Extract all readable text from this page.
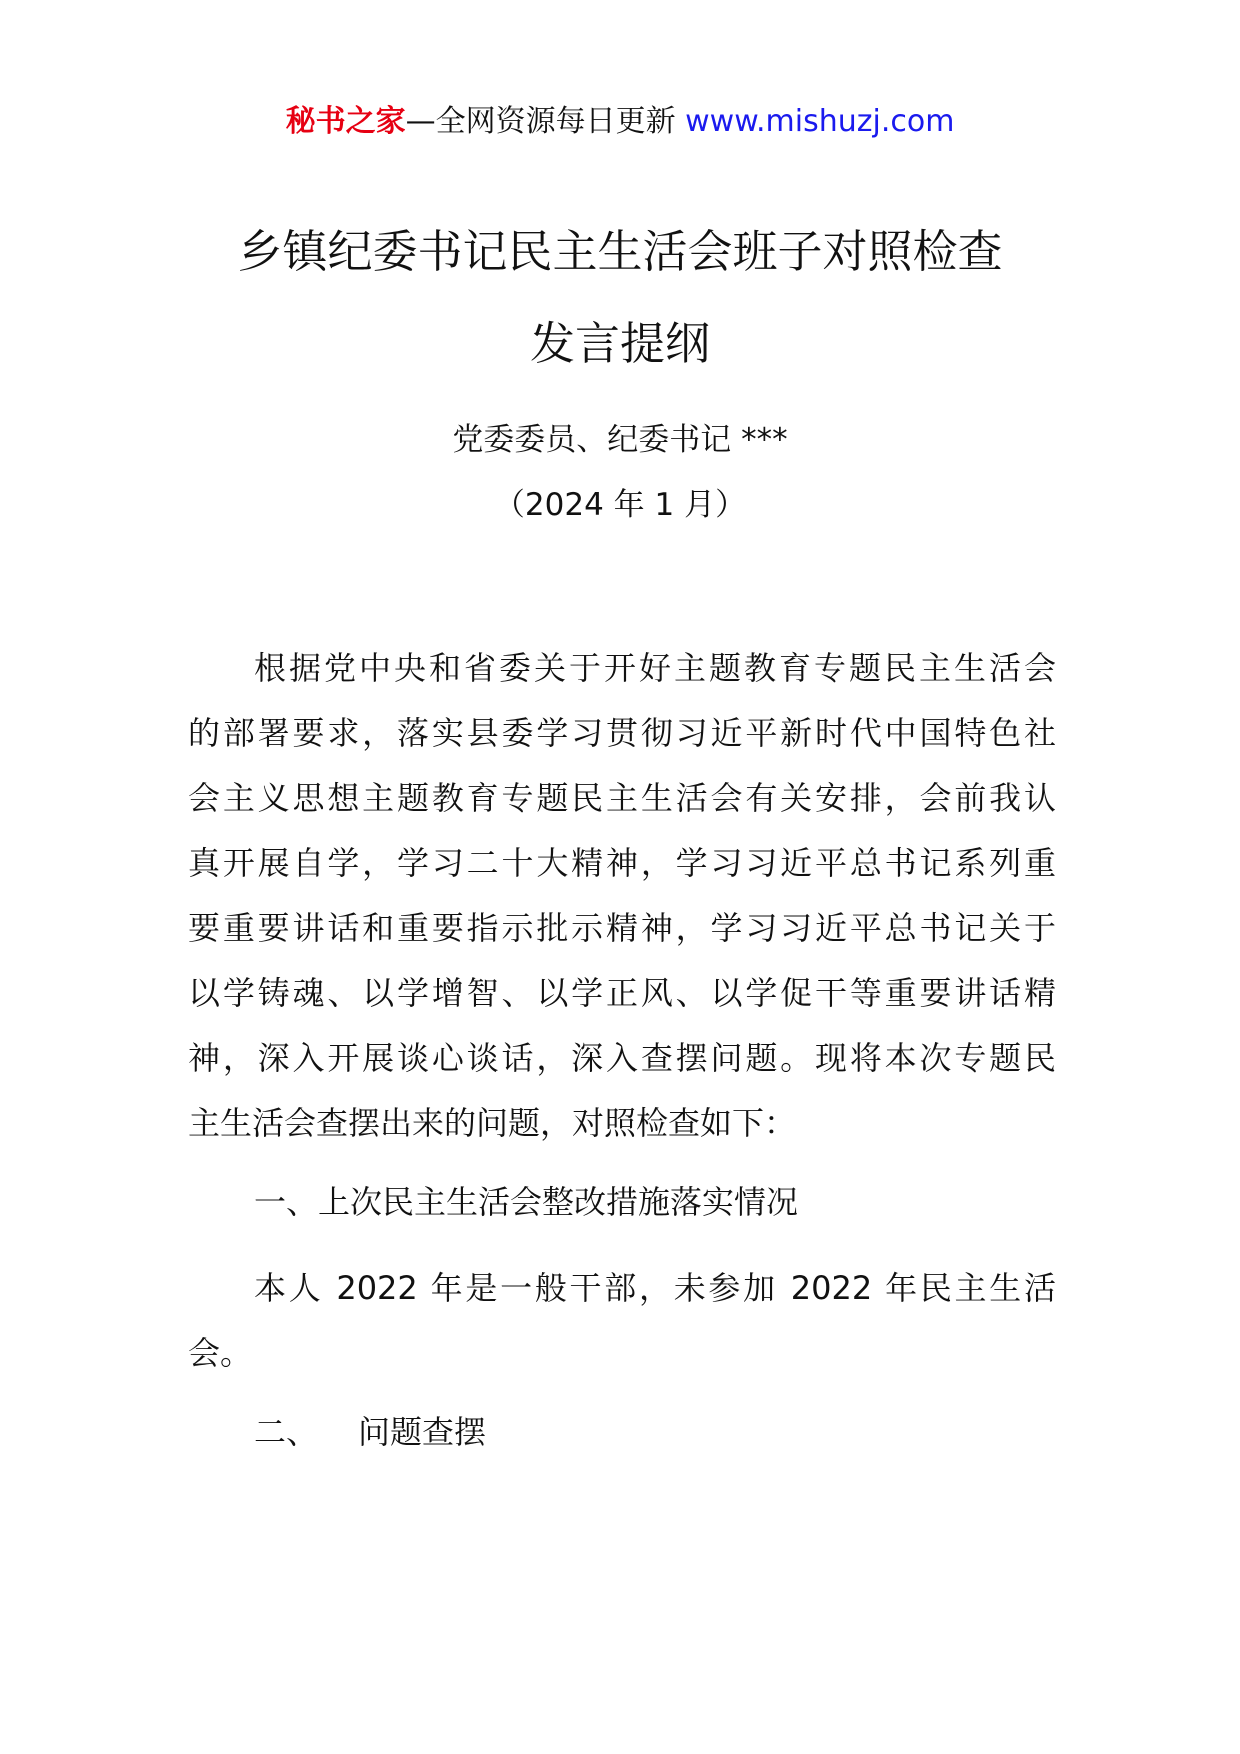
秘书之家—全网资源每日更新 www.mishuzj.com
乡镇纪委书记民主生活会班子对照检查
发言提纲
党委委员、纪委书记 ***
（2024 年 1 月）
根据党中央和省委关于开好主题教育专题民主生活会
的部署要求，落实县委学习贯彻习近平新时代中国特色社
会主义思想主题教育专题民主生活会有关安排，会前我认
真开展自学，学习二十大精神，学习习近平总书记系列重
要重要讲话和重要指示批示精神，学习习近平总书记关于
以学铸魂、以学增智、以学正风、以学促干等重要讲话精
神，深入开展谈心谈话，深入查摆问题。现将本次专题民
主生活会查摆出来的问题，对照检查如下：
一、上次民主生活会整改措施落实情况
本人 2022 年是一般干部，未参加 2022 年民主生活
会。
二、 问题查摆
